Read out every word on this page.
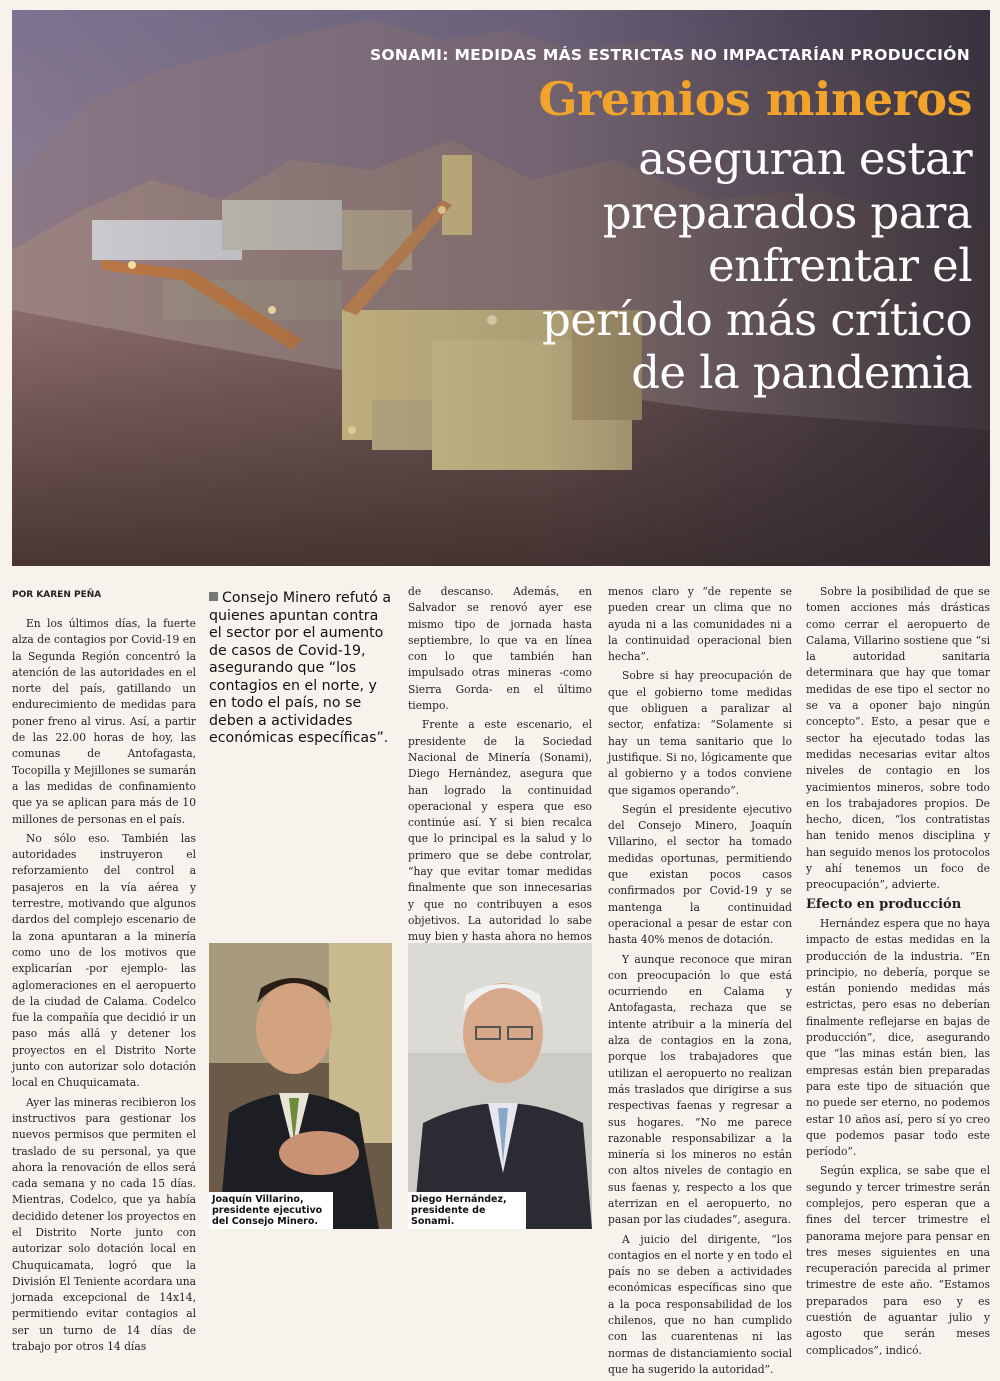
SONAMI: MEDIDAS MÁS ESTRICTAS NO IMPACTARÍAN PRODUCCIÓN
Gremios mineros
aseguran estar
preparados para
enfrentar el
período más crítico
de la pandemia
POR KAREN PEÑA

En los últimos días, la fuerte alza de contagios por Covid-19 en la Segunda Región concentró la atención de las autoridades en el norte del país, gatillando un endurecimiento de medidas para poner freno al virus. Así, a partir de las 22.00 horas de hoy, las comunas de Antofagasta, Tocopilla y Mejillones se sumarán a las medidas de confinamiento que ya se aplican para más de 10 millones de personas en el país.

No sólo eso. También las autoridades instruyeron el reforzamiento del control a pasajeros en la vía aérea y terrestre, motivando que algunos dardos del complejo escenario de la zona apuntaran a la minería como uno de los motivos que explicarían -por ejemplo- las aglomeraciones en el aeropuerto de la ciudad de Calama. Codelco fue la compañía que decidió ir un paso más allá y detener los proyectos en el Distrito Norte junto con autorizar solo dotación local en Chuquicamata.

Ayer las mineras recibieron los instructivos para gestionar los nuevos permisos que permiten el traslado de su personal, ya que ahora la renovación de ellos será cada semana y no cada 15 días. Mientras, Codelco, que ya había decidido detener los proyectos en el Distrito Norte junto con autorizar solo dotación local en Chuquicamata, logró que la División El Teniente acordara una jornada excepcional de 14x14, permitiendo evitar contagios al ser un turno de 14 días de trabajo por otros 14 días

Consejo Minero refutó a quienes apuntan contra el sector por el aumento de casos de Covid-19, asegurando que “los contagios en el norte, y en todo el país, no se deben a actividades económicas específicas”.
Joaquín Villarino, presidente ejecutivo del Consejo Minero.

de descanso. Además, en Salvador se renovó ayer ese mismo tipo de jornada hasta septiembre, lo que va en línea con lo que también han impulsado otras mineras -como Sierra Gorda- en el último tiempo.

Frente a este escenario, el presidente de la Sociedad Nacional de Minería (Sonami), Diego Hernández, asegura que han logrado la continuidad operacional y espera que eso continúe así. Y si bien recalca que lo principal es la salud y lo primero que se debe controlar, “hay que evitar tomar medidas finalmente que son innecesarias y que no contribuyen a esos objetivos. La autoridad lo sabe muy bien y hasta ahora no hemos

Diego Hernández, presidente de Sonami.

menos claro y “de repente se pueden crear un clima que no ayuda ni a las comunidades ni a la continuidad operacional bien hecha”.

Sobre si hay preocupación de que el gobierno tome medidas que obliguen a paralizar al sector, enfatiza: “Solamente si hay un tema sanitario que lo justifique. Si no, lógicamente que al gobierno y a todos conviene que sigamos operando”.

Según el presidente ejecutivo del Consejo Minero, Joaquín Villarino, el sector ha tomado medidas oportunas, permitiendo que existan pocos casos confirmados por Covid-19 y se mantenga la continuidad operacional a pesar de estar con hasta 40% menos de dotación.

Y aunque reconoce que miran con preocupación lo que está ocurriendo en Calama y Antofagasta, rechaza que se intente atribuir a la minería del alza de contagios en la zona, porque los trabajadores que utilizan el aeropuerto no realizan más traslados que dirigirse a sus respectivas faenas y regresar a sus hogares. “No me parece razonable responsabilizar a la minería si los mineros no están con altos niveles de contagio en sus faenas y, respecto a los que aterrizan en el aeropuerto, no pasan por las ciudades”, asegura.

A juicio del dirigente, “los contagios en el norte y en todo el país no se deben a actividades económicas específicas sino que a la poca responsabilidad de los chilenos, que no han cumplido con las cuarentenas ni las normas de distanciamiento social que ha sugerido la autoridad”.

Sobre la posibilidad de que se tomen acciones más drásticas como cerrar el aeropuerto de Calama, Villarino sostiene que “si la autoridad sanitaria determinara que hay que tomar medidas de ese tipo el sector no se va a oponer bajo ningún concepto”. Esto, a pesar que e sector ha ejecutado todas las medidas necesarias evitar altos niveles de contagio en los yacimientos mineros, sobre todo en los trabajadores propios. De hecho, dicen, “los contratistas han tenido menos disciplina y han seguido menos los protocolos y ahí tenemos un foco de preocupación”, advierte.

Efecto en producción

Hernández espera que no haya impacto de estas medidas en la producción de la industria. “En principio, no debería, porque se están poniendo medidas más estrictas, pero esas no deberían finalmente reflejarse en bajas de producción”, dice, asegurando que “las minas están bien, las empresas están bien preparadas para este tipo de situación que no puede ser eterno, no podemos estar 10 años así, pero sí yo creo que podemos pasar todo este período”.

Según explica, se sabe que el segundo y tercer trimestre serán complejos, pero esperan que a fines del tercer trimestre el panorama mejore para pensar en tres meses siguientes en una recuperación parecida al primer trimestre de este año. “Estamos preparados para eso y es cuestión de aguantar julio y agosto que serán meses complicados”, indicó.
